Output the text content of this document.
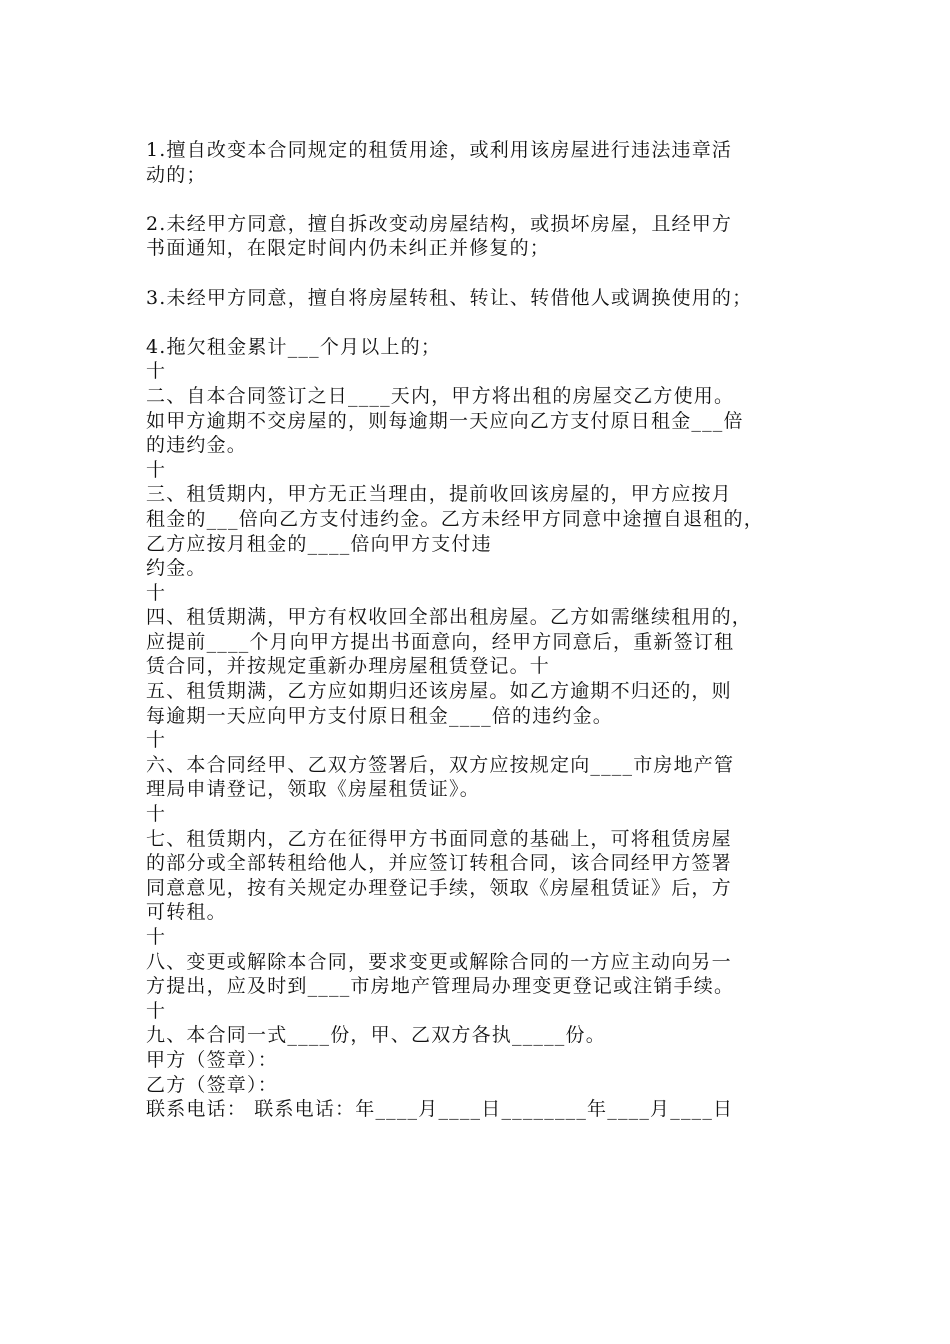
1.擅自改变本合同规定的租赁用途，或利用该房屋进行违法违章活
动的；
2.未经甲方同意，擅自拆改变动房屋结构，或损坏房屋，且经甲方
书面通知，在限定时间内仍未纠正并修复的；
3.未经甲方同意，擅自将房屋转租、转让、转借他人或调换使用的；
4.拖欠租金累计___个月以上的；
十
二、自本合同签订之日____天内，甲方将出租的房屋交乙方使用。
如甲方逾期不交房屋的，则每逾期一天应向乙方支付原日租金___倍
的违约金。
十
三、租赁期内，甲方无正当理由，提前收回该房屋的，甲方应按月
租金的___倍向乙方支付违约金。乙方未经甲方同意中途擅自退租的，
乙方应按月租金的____倍向甲方支付违
约金。
十
四、租赁期满，甲方有权收回全部出租房屋。乙方如需继续租用的，
应提前____个月向甲方提出书面意向，经甲方同意后，重新签订租
赁合同，并按规定重新办理房屋租赁登记。十
五、租赁期满，乙方应如期归还该房屋。如乙方逾期不归还的，则
每逾期一天应向甲方支付原日租金____倍的违约金。
十
六、本合同经甲、乙双方签署后，双方应按规定向____市房地产管
理局申请登记，领取《房屋租赁证》。
十
七、租赁期内，乙方在征得甲方书面同意的基础上，可将租赁房屋
的部分或全部转租给他人，并应签订转租合同，该合同经甲方签署
同意意见，按有关规定办理登记手续，领取《房屋租赁证》后，方
可转租。
十
八、变更或解除本合同，要求变更或解除合同的一方应主动向另一
方提出，应及时到____市房地产管理局办理变更登记或注销手续。
十
九、本合同一式____份，甲、乙双方各执_____份。
甲方（签章）：
乙方（签章）：
联系电话： 联系电话：年____月____日________年____月____日
